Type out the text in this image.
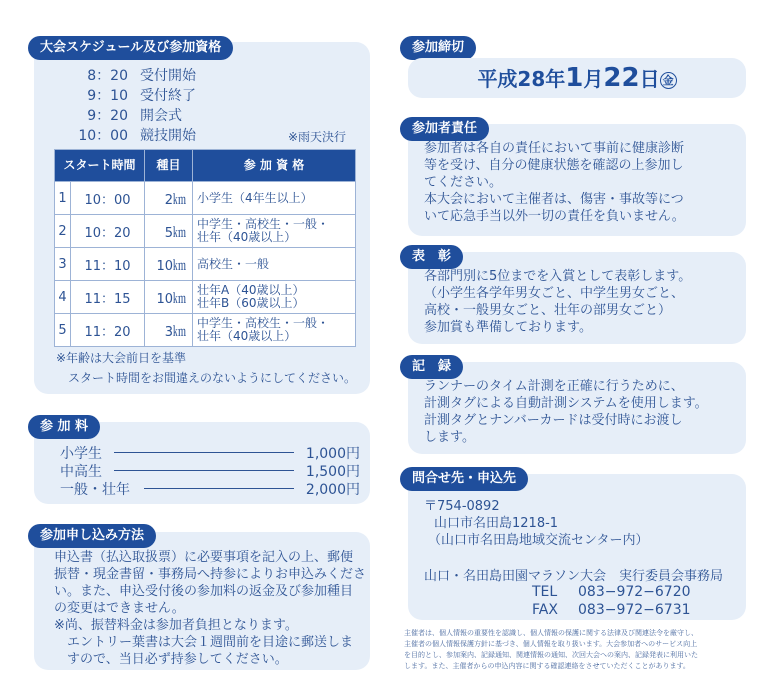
大会スケジュール及び参加資格
8：20 受付開始
9：10 受付終了
9：20 開会式
10：00 競技開始	※雨天決行
スタート時間		種目	参 加 資 格
1	10：00	2㎞	小学生（4年生以上）

2	10：20	5㎞	中学生・高校生・一般・
壮年（40歳以上）

3	11：10	10㎞	高校生・一般

4	11：15	10㎞	壮年A（40歳以上）
壮年B（60歳以上）

5	11：20	3㎞	中学生・高校生・一般・
壮年（40歳以上）
※年齢は大会前日を基準
スタート時間をお間違えのないようにしてください。
参 加 料
小学生	1,000円
中高生	1,500円
一般・壮年	2,000円
参加申し込み方法
申込書（払込取扱票）に必要事項を記入の上、郵便
振替・現金書留・事務局へ持参によりお申込みくださ
い。また、申込受付後の参加料の返金及び参加種目
の変更はできません。
※尚、振替料金は参加者負担となります。
　エントリー葉書は大会１週間前を目途に郵送しま
　すので、当日必ず持参してください。
参加締切
平成28年1月22日 金
参加者責任
参加者は各自の責任において事前に健康診断
等を受け、自分の健康状態を確認の上参加し
てください。
本大会において主催者は、傷害・事故等につ
いて応急手当以外一切の責任を負いません。
表　彰
各部門別に5位までを入賞として表彰します。
（小学生各学年男女ごと、中学生男女ごと、
高校・一般男女ごと、壮年の部男女ごと）
参加賞も準備しております。
記　録
ランナーのタイム計測を正確に行うために、
計測タグによる自動計測システムを使用します。
計測タグとナンバーカードは受付時にお渡し
します。
問合せ先・申込先
〒754-0892
山口市名田島1218-1
（山口市名田島地域交流センター内）
山口・名田島田園マラソン大会　実行委員会事務局
TEL 083−972−6720
FAX 083−972−6731
主催者は、個人情報の重要性を認識し、個人情報の保護に関する法律及び関連法令を厳守し、
主催者の個人情報保護方針に基づき、個人情報を取り扱います。大会参加者へのサービス向上
を目的とし、参加案内、記録通知、関連情報の通知、次回大会への案内、記録発表に利用いた
します。また、主催者からの申込内容に関する確認連絡をさせていただくことがあります。
